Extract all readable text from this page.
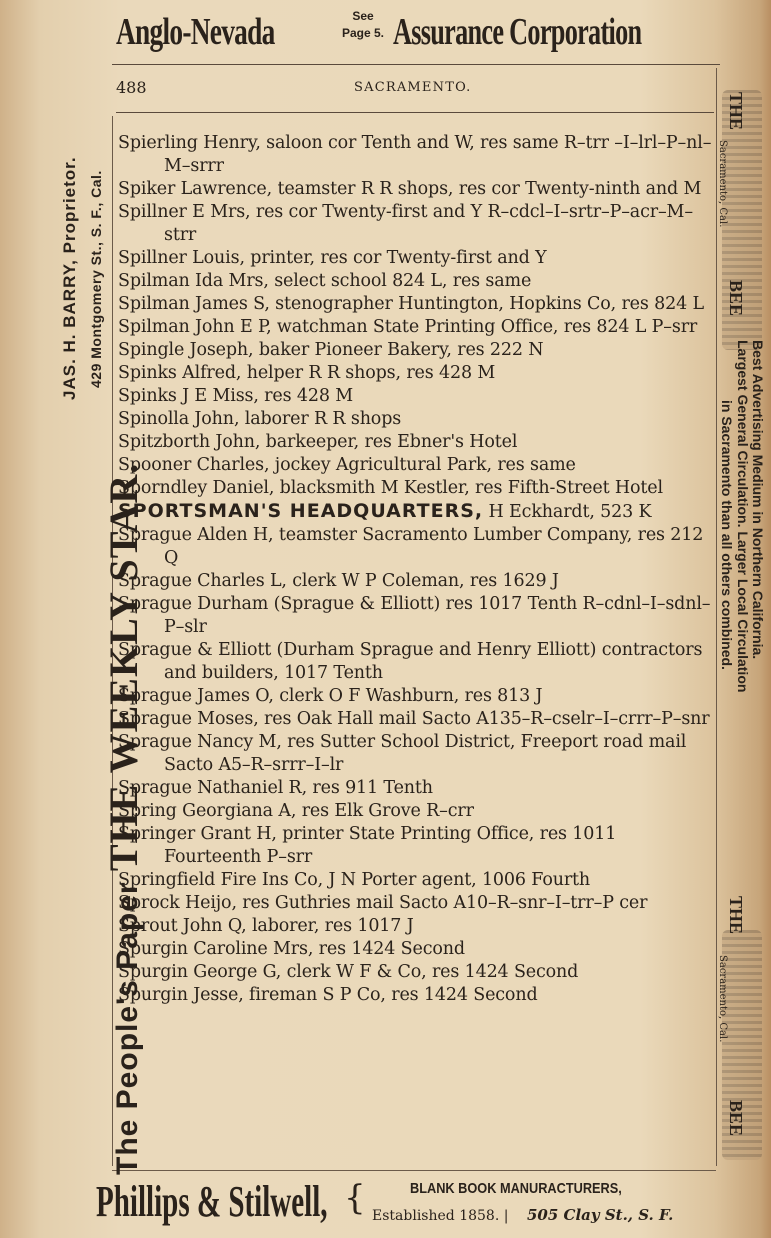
Anglo-Nevada	See
Page 5. Assurance Corporation
488	SACRAMENTO.
The People's Paper THE WEEKLY STAR.
JAS. H. BARRY, Proprietor. 429 Montgomery St., S. F., Cal.
THE
Sacramento, Cal.
BEE
Best Advertising Medium in Northern California.
Largest General Circulation. Larger Local Circulation
in Sacramento than all others combined.
THE
Sacramento, Cal.
BEE
Spierling Henry, saloon cor Tenth and W, res same R–trr –I–lrl–P–nl–M–srrr
Spiker Lawrence, teamster R R shops, res cor Twenty-ninth and M
Spillner E Mrs, res cor Twenty-first and Y R–cdcl–I–srtr–P–acr–M–strr
Spillner Louis, printer, res cor Twenty-first and Y
Spilman Ida Mrs, select school 824 L, res same
Spilman James S, stenographer Huntington, Hopkins Co, res 824 L
Spilman John E P, watchman State Printing Office, res 824 L P–srr
Spingle Joseph, baker Pioneer Bakery, res 222 N
Spinks Alfred, helper R R shops, res 428 M
Spinks J E Miss, res 428 M
Spinolla John, laborer R R shops
Spitzborth John, barkeeper, res Ebner's Hotel
Spooner Charles, jockey Agricultural Park, res same
Sporndley Daniel, blacksmith M Kestler, res Fifth-Street Hotel
SPORTSMAN'S HEADQUARTERS, H Eckhardt, 523 K
Sprague Alden H, teamster Sacramento Lumber Company, res 212 Q
Sprague Charles L, clerk W P Coleman, res 1629 J
Sprague Durham (Sprague & Elliott) res 1017 Tenth R–cdnl–I–sdnl–P–slr
Sprague & Elliott (Durham Sprague and Henry Elliott) contractors and builders, 1017 Tenth
Sprague James O, clerk O F Washburn, res 813 J
Sprague Moses, res Oak Hall mail Sacto A135–R–cselr–I–crrr–P–snr
Sprague Nancy M, res Sutter School District, Freeport road mail Sacto A5–R–srrr–I–lr
Sprague Nathaniel R, res 911 Tenth
Spring Georgiana A, res Elk Grove R–crr
Springer Grant H, printer State Printing Office, res 1011 Fourteenth P–srr
Springfield Fire Ins Co, J N Porter agent, 1006 Fourth
Sprock Heijo, res Guthries mail Sacto A10–R–snr–I–trr–P cer
Sprout John Q, laborer, res 1017 J
Spurgin Caroline Mrs, res 1424 Second
Spurgin George G, clerk W F & Co, res 1424 Second
Spurgin Jesse, fireman S P Co, res 1424 Second
Phillips & Stilwell, {	BLANK BOOK MANURACTURERS,
Established 1858. | 505 Clay St., S. F.
